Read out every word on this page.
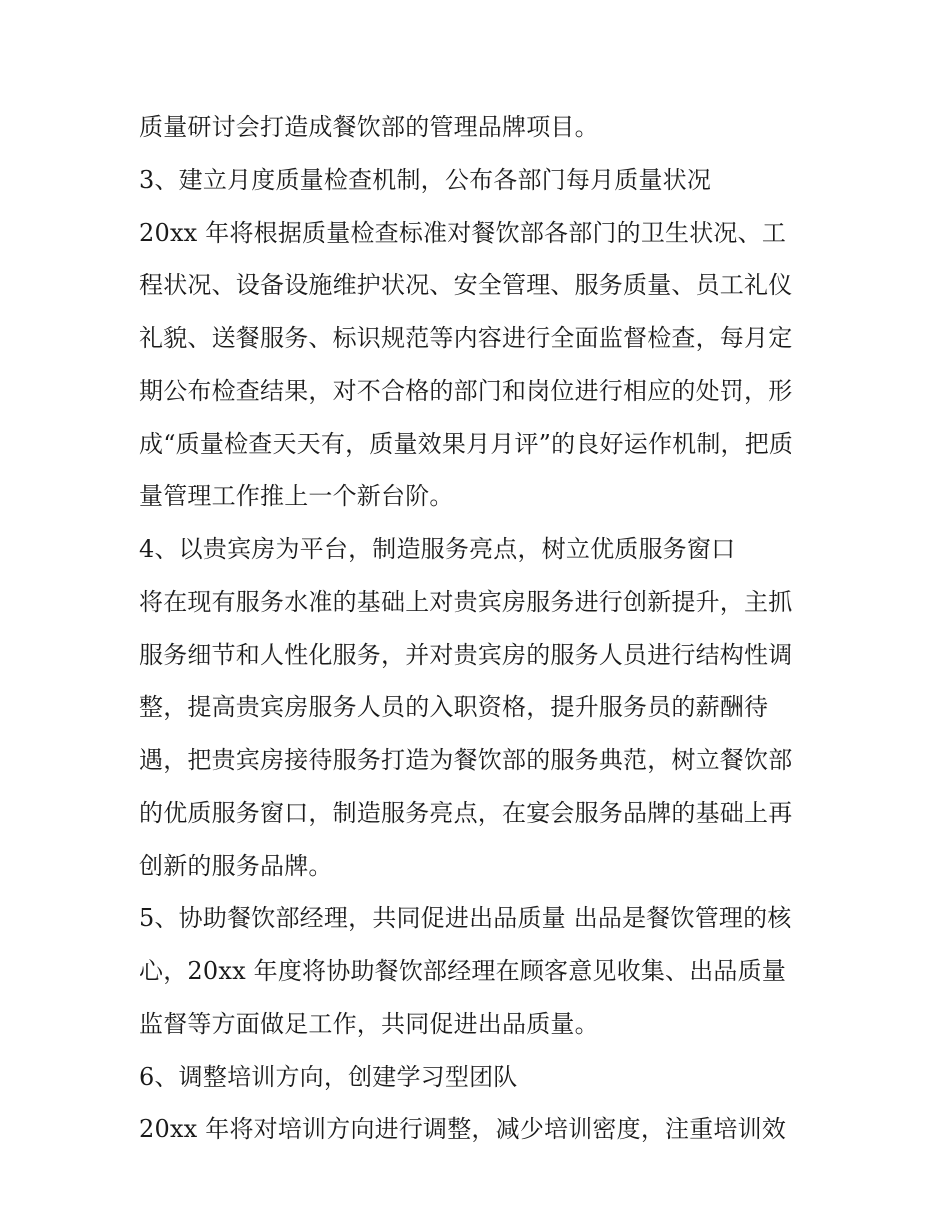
质量研讨会打造成餐饮部的管理品牌项目。
3、建立月度质量检查机制，公布各部门每月质量状况
20xx 年将根据质量检查标准对餐饮部各部门的卫生状况、工
程状况、设备设施维护状况、安全管理、服务质量、员工礼仪
礼貌、送餐服务、标识规范等内容进行全面监督检查，每月定
期公布检查结果，对不合格的部门和岗位进行相应的处罚，形
成“质量检查天天有，质量效果月月评”的良好运作机制，把质
量管理工作推上一个新台阶。
4、以贵宾房为平台，制造服务亮点，树立优质服务窗口
将在现有服务水准的基础上对贵宾房服务进行创新提升，主抓
服务细节和人性化服务，并对贵宾房的服务人员进行结构性调
整，提高贵宾房服务人员的入职资格，提升服务员的薪酬待
遇，把贵宾房接待服务打造为餐饮部的服务典范，树立餐饮部
的优质服务窗口，制造服务亮点，在宴会服务品牌的基础上再
创新的服务品牌。
5、协助餐饮部经理，共同促进出品质量 出品是餐饮管理的核
心，20xx 年度将协助餐饮部经理在顾客意见收集、出品质量
监督等方面做足工作，共同促进出品质量。
6、调整培训方向，创建学习型团队
20xx 年将对培训方向进行调整，减少培训密度，注重培训效
